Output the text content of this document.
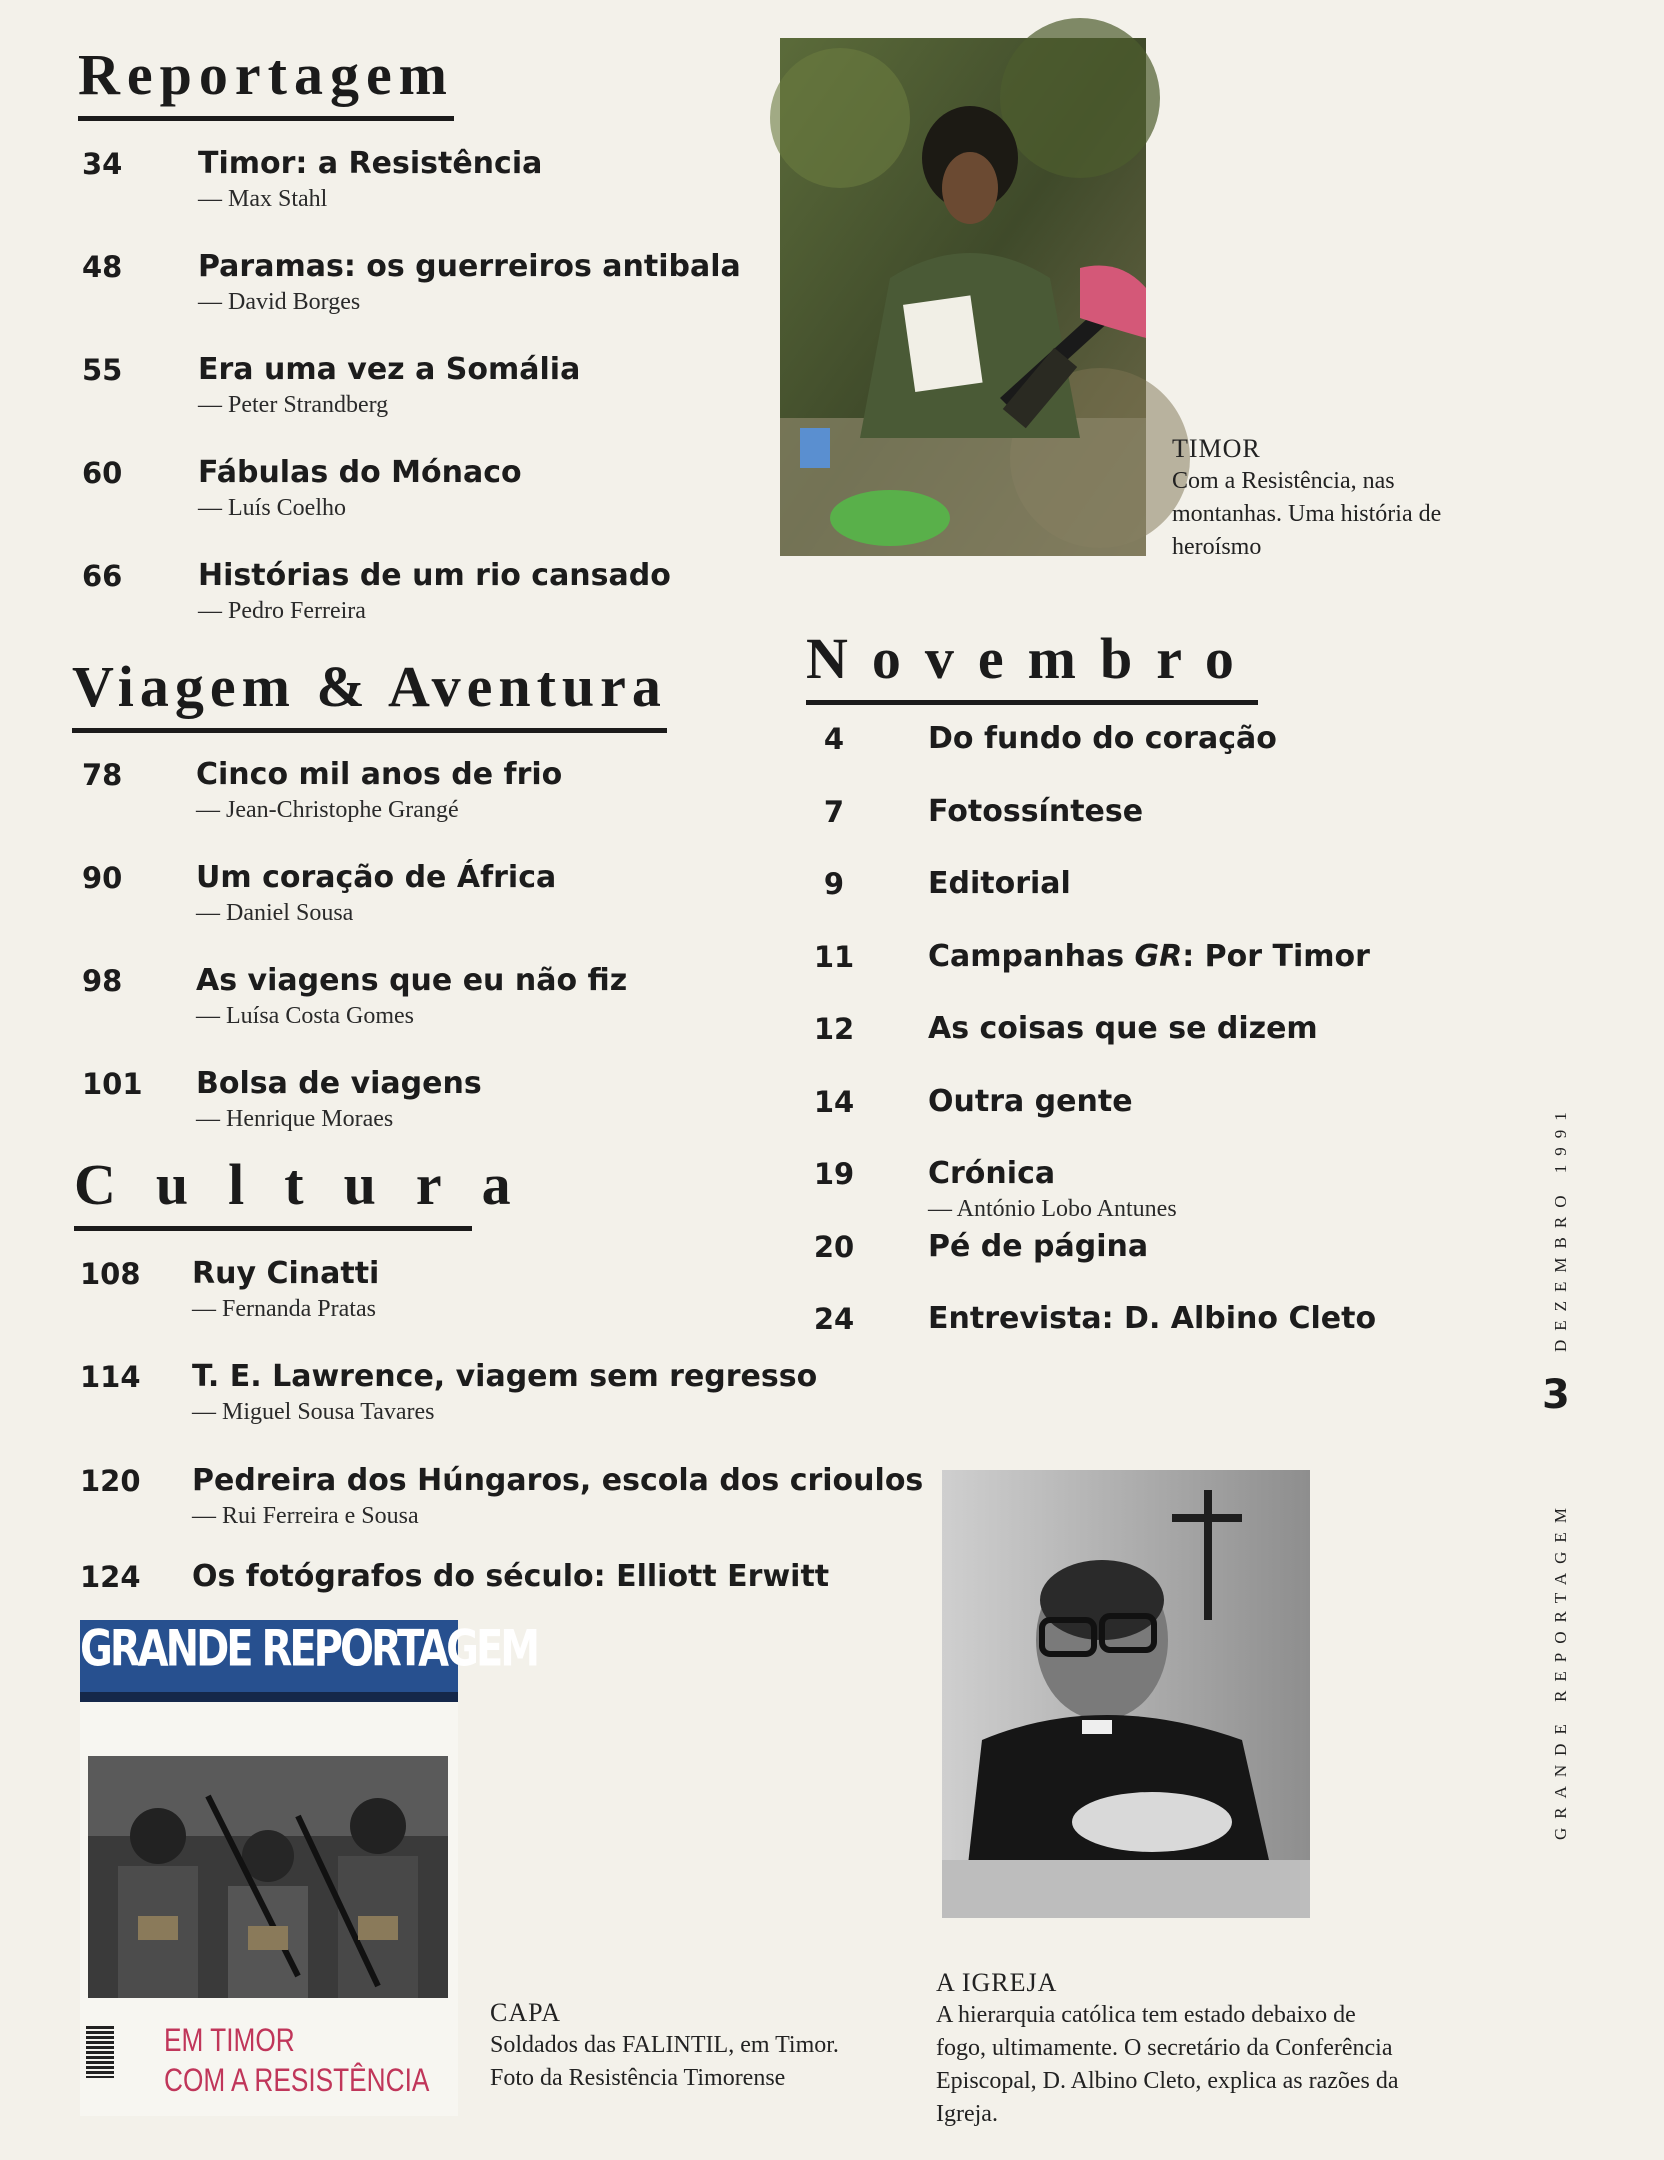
Reportagem
34	Timor: a Resistência
— Max Stahl
48	Paramas: os guerreiros antibala
— David Borges
55	Era uma vez a Somália
— Peter Strandberg
60	Fábulas do Mónaco
— Luís Coelho
66	Histórias de um rio cansado
— Pedro Ferreira
Viagem & Aventura
78 Cinco mil anos de frio
— Jean-Christophe Grangé
90 Um coração de África
— Daniel Sousa
98 As viagens que eu não fiz
— Luísa Costa Gomes
101 Bolsa de viagens
— Henrique Moraes
Cultura
108 Ruy Cinatti
— Fernanda Pratas
114 T. E. Lawrence, viagem sem regresso
— Miguel Sousa Tavares
120 Pedreira dos Húngaros, escola dos crioulos
— Rui Ferreira e Sousa
124 Os fotógrafos do século: Elliott Erwitt
Novembro
4	Do fundo do coração
7	Fotossíntese
9	Editorial
11 Campanhas GR: Por Timor
12 As coisas que se dizem
14 Outra gente
19 Crónica
— António Lobo Antunes
20 Pé de página
24 Entrevista: D. Albino Cleto
TIMOR
Com a Resistência, nas montanhas. Uma história de heroísmo
A IGREJA
A hierarquia católica tem estado debaixo de fogo, ultimamente. O secretário da Conferência Episcopal, D. Albino Cleto, explica as razões da Igreja.
GRANDE REPORTAGEM
EM TIMOR
COM A RESISTÊNCIA
CAPA
Soldados das FALINTIL, em Timor. Foto da Resistência Timorense
DEZEMBRO 1991
3
GRANDE REPORTAGEM
